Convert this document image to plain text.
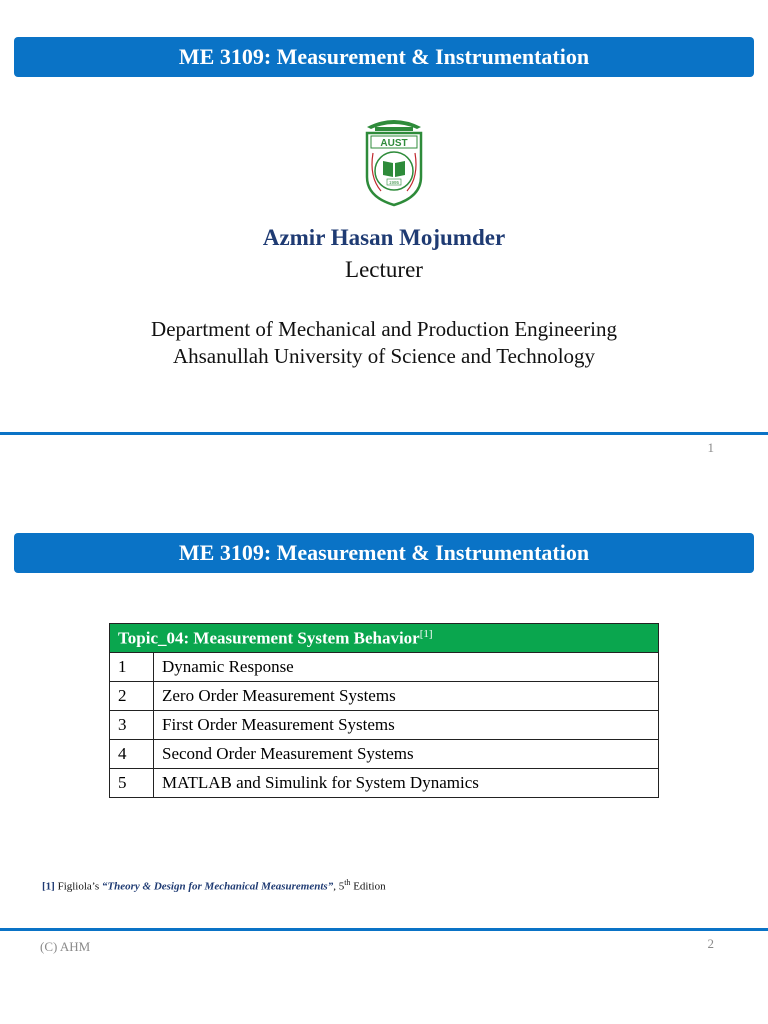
ME 3109: Measurement & Instrumentation
AUST
1995
Azmir Hasan Mojumder
Lecturer
Department of Mechanical and Production Engineering
Ahsanullah University of Science and Technology
1
ME 3109: Measurement & Instrumentation
Topic_04: Measurement System Behavior[1]
1	Dynamic Response
2	Zero Order Measurement Systems
3	First Order Measurement Systems
4	Second Order Measurement Systems
5	MATLAB and Simulink for System Dynamics
[1] Figliola’s “Theory & Design for Mechanical Measurements”, 5th Edition
(C) AHM	2
